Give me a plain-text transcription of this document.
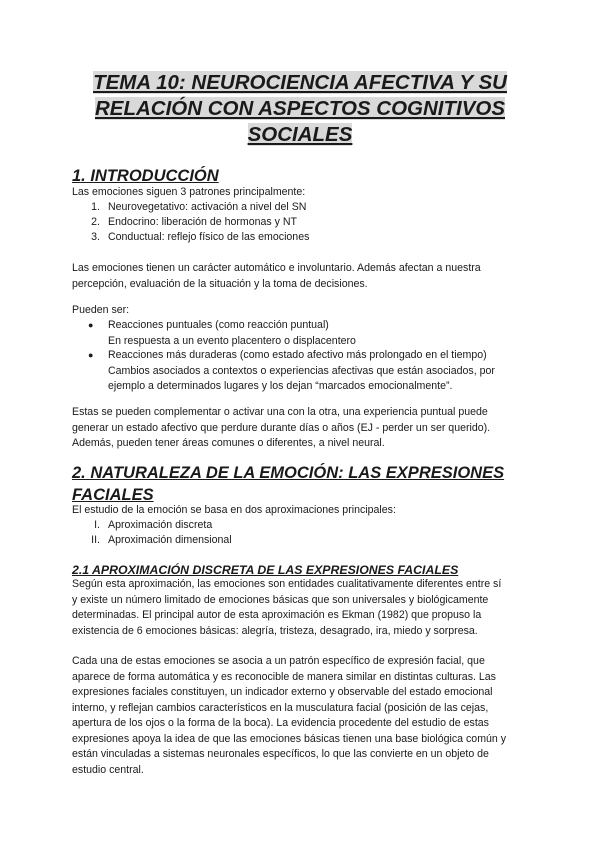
TEMA 10: NEUROCIENCIA AFECTIVA Y SU
RELACIÓN CON ASPECTOS COGNITIVOS
SOCIALES
1. INTRODUCCIÓN
Las emociones siguen 3 patrones principalmente:
1. Neurovegetativo: activación a nivel del SN
2. Endocrino: liberación de hormonas y NT
3. Conductual: reflejo físico de las emociones
Las emociones tienen un carácter automático e involuntario. Además afectan a nuestra
percepción, evaluación de la situación y la toma de decisiones.
Pueden ser:
● Reacciones puntuales (como reacción puntual)
En respuesta a un evento placentero o displacentero
● Reacciones más duraderas (como estado afectivo más prolongado en el tiempo)
Cambios asociados a contextos o experiencias afectivas que están asociados, por
ejemplo a determinados lugares y los dejan “marcados emocionalmente”.
Estas se pueden complementar o activar una con la otra, una experiencia puntual puede
generar un estado afectivo que perdure durante días o años (EJ - perder un ser querido).
Además, pueden tener áreas comunes o diferentes, a nivel neural.
2. NATURALEZA DE LA EMOCIÓN: LAS EXPRESIONES
FACIALES
El estudio de la emoción se basa en dos aproximaciones principales:
I. Aproximación discreta
II. Aproximación dimensional
2.1 APROXIMACIÓN DISCRETA DE LAS EXPRESIONES FACIALES
Según esta aproximación, las emociones son entidades cualitativamente diferentes entre sí
y existe un número limitado de emociones básicas que son universales y biológicamente
determinadas. El principal autor de esta aproximación es Ekman (1982) que propuso la
existencia de 6 emociones básicas: alegría, tristeza, desagrado, ira, miedo y sorpresa.
Cada una de estas emociones se asocia a un patrón específico de expresión facial, que
aparece de forma automática y es reconocible de manera similar en distintas culturas. Las
expresiones faciales constituyen, un indicador externo y observable del estado emocional
interno, y reflejan cambios característicos en la musculatura facial (posición de las cejas,
apertura de los ojos o la forma de la boca). La evidencia procedente del estudio de estas
expresiones apoya la idea de que las emociones básicas tienen una base biológica común y
están vinculadas a sistemas neuronales específicos, lo que las convierte en un objeto de
estudio central.
